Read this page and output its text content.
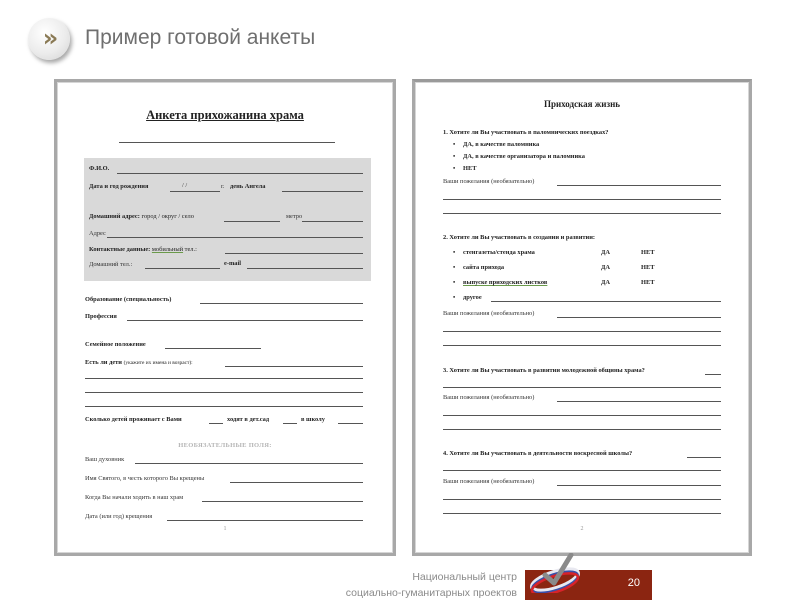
» Пример готовой анкеты
Анкета прихожанина храма
Ф.И.О.
Дата и год рождения	/ /	г. день Ангела
Домашний адрес: город / округ / село	метро
Адрес
Контактные данные: мобильный тел.:
Домашний тел.:	e-mail
Образование (специальность)
Профессия
Семейное положение
Есть ли дети (укажите их имена и возраст):
Сколько детей проживает с Вами	ходят в дет.сад	в школу
НЕОБЯЗАТЕЛЬНЫЕ ПОЛЯ:
Ваш духовник
Имя Святого, в честь которого Вы крещены
Когда Вы начали ходить в наш храм
Дата (или год) крещения
1
Приходская жизнь
1. Хотите ли Вы участвовать в паломнических поездках?
• ДА, в качестве паломника
• ДА, в качестве организатора и паломника
• НЕТ
Ваши пожелания (необязательно)
2. Хотите ли Вы участвовать в создании и развитии:
• стенгазеты/стенда храма	ДА	НЕТ
• сайта прихода	ДА	НЕТ
• выпуске приходских листков	ДА	НЕТ
• другое
Ваши пожелания (необязательно)
3. Хотите ли Вы участвовать в развитии молодежной общины храма?
Ваши пожелания (необязательно)
4. Хотите ли Вы участвовать в деятельности воскресной школы?
Ваши пожелания (необязательно)
2
Национальный центр
социально-гуманитарных проектов
20
